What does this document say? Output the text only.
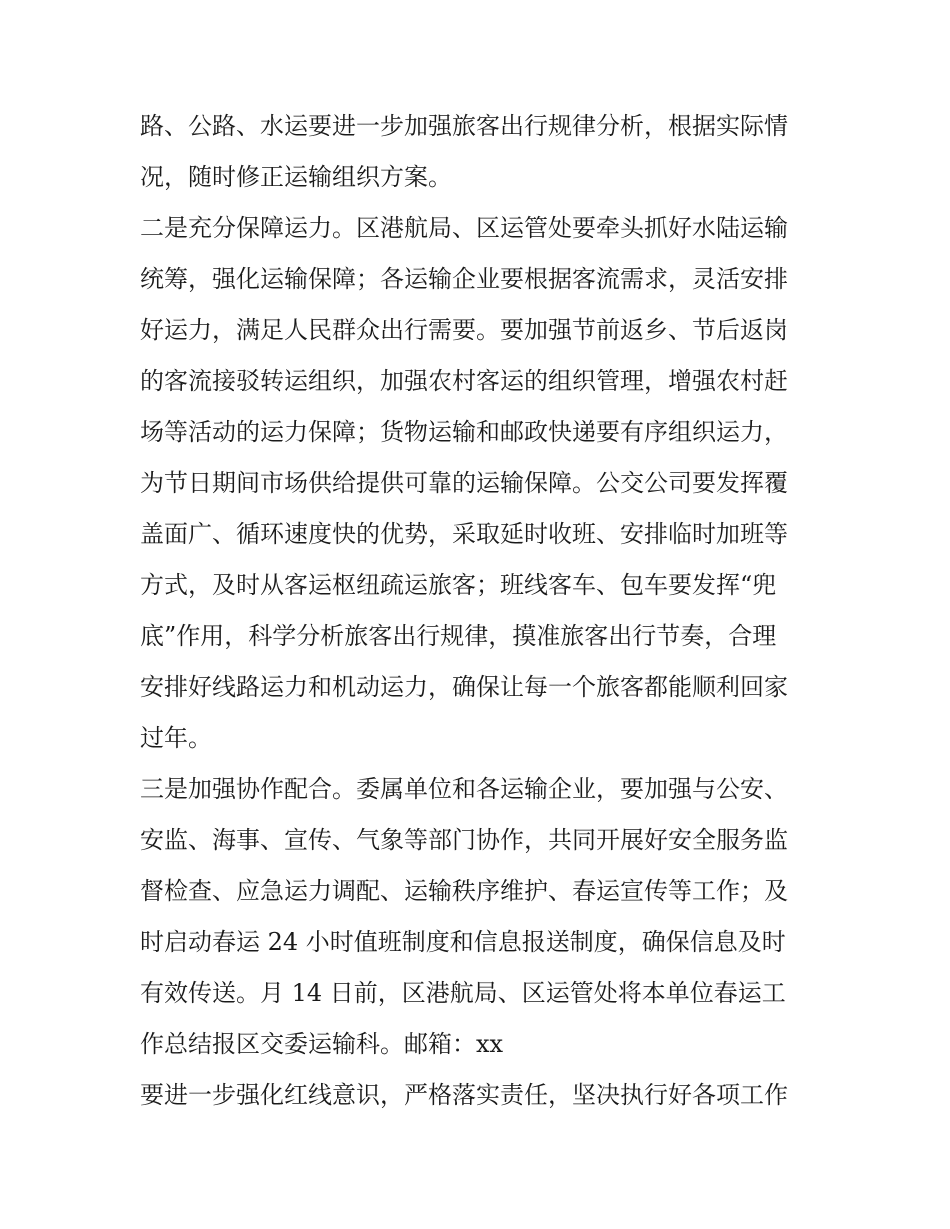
路、公路、水运要进一步加强旅客出行规律分析，根据实际情
况，随时修正运输组织方案。
二是充分保障运力。区港航局、区运管处要牵头抓好水陆运输
统筹，强化运输保障；各运输企业要根据客流需求，灵活安排
好运力，满足人民群众出行需要。要加强节前返乡、节后返岗
的客流接驳转运组织，加强农村客运的组织管理，增强农村赶
场等活动的运力保障；货物运输和邮政快递要有序组织运力，
为节日期间市场供给提供可靠的运输保障。公交公司要发挥覆
盖面广、循环速度快的优势，采取延时收班、安排临时加班等
方式，及时从客运枢纽疏运旅客；班线客车、包车要发挥“兜
底”作用，科学分析旅客出行规律，摸准旅客出行节奏，合理
安排好线路运力和机动运力，确保让每一个旅客都能顺利回家
过年。
三是加强协作配合。委属单位和各运输企业，要加强与公安、
安监、海事、宣传、气象等部门协作，共同开展好安全服务监
督检查、应急运力调配、运输秩序维护、春运宣传等工作；及
时启动春运 24 小时值班制度和信息报送制度，确保信息及时
有效传送。月 14 日前，区港航局、区运管处将本单位春运工
作总结报区交委运输科。邮箱：xx
要进一步强化红线意识，严格落实责任，坚决执行好各项工作
